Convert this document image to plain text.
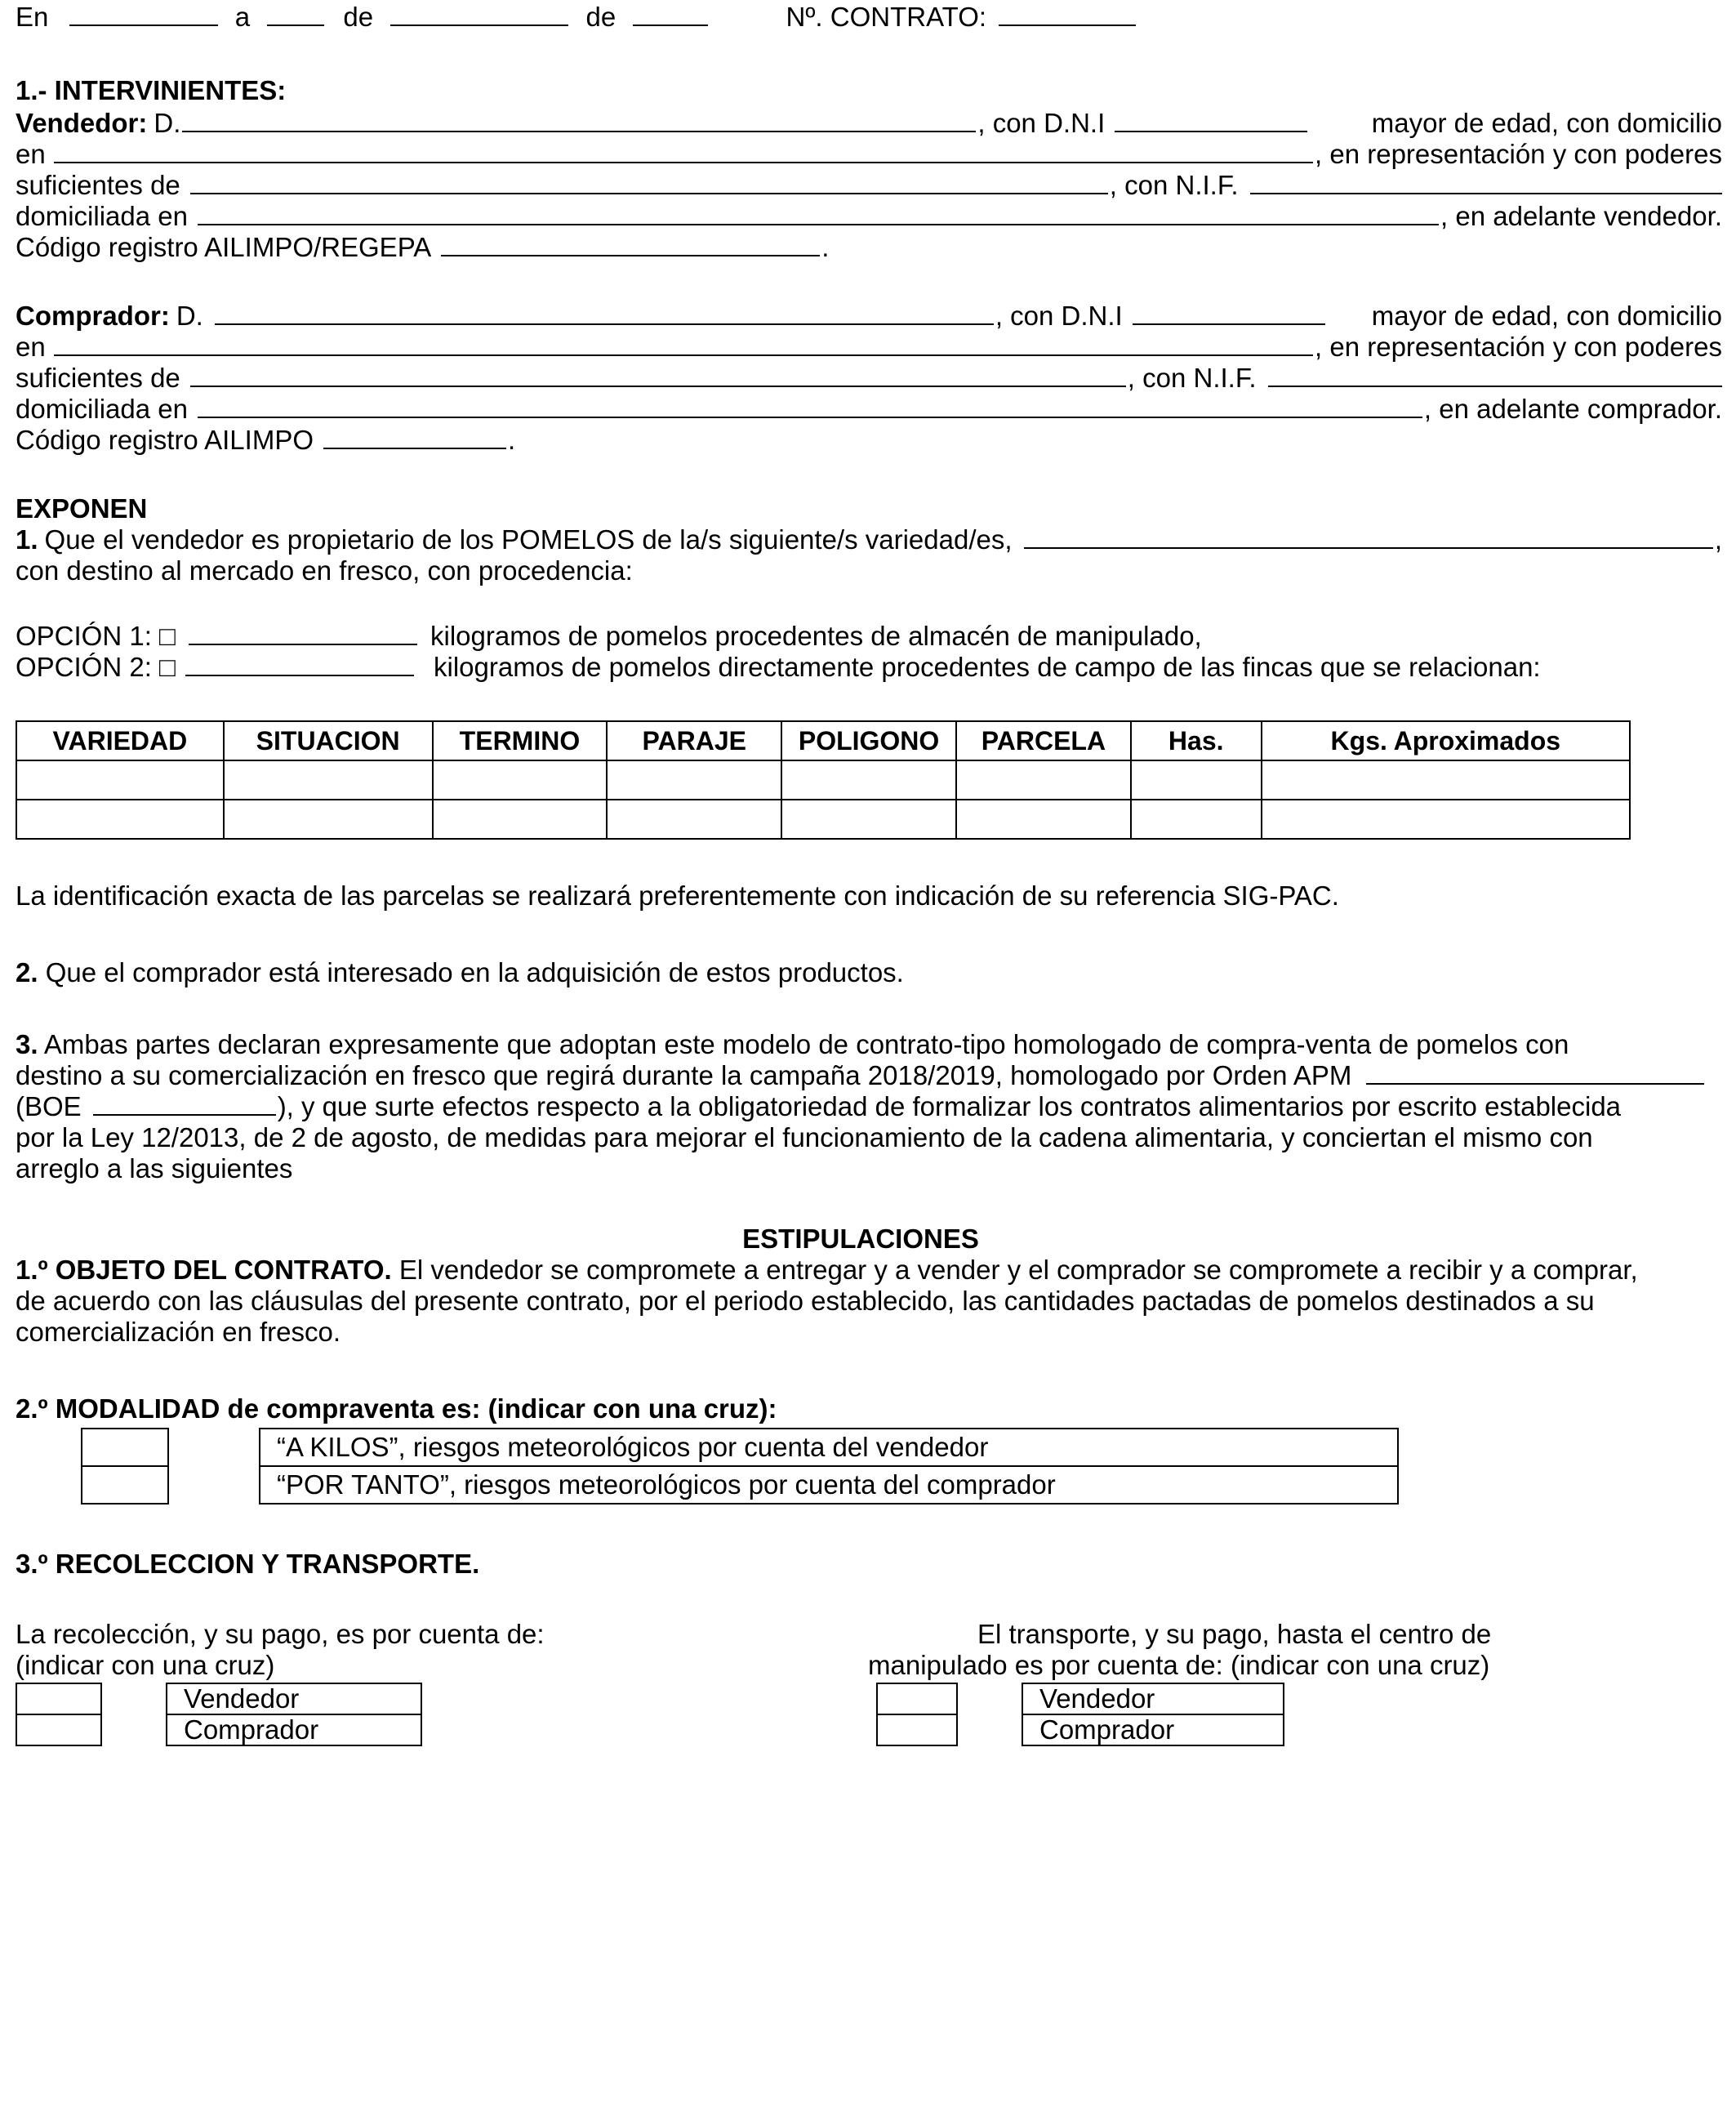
En	a	de	de	Nº. CONTRATO:
1.- INTERVINIENTES:
Vendedor: D.	, con D.N.I	mayor de edad, con domicilio
en	, en representación y con poderes
suficientes de	, con N.I.F.
domiciliada en	, en adelante vendedor.
Código registro AILIMPO/REGEPA	.
Comprador: D.	, con D.N.I	mayor de edad, con domicilio
en	, en representación y con poderes
suficientes de	, con N.I.F.
domiciliada en	, en adelante comprador.
Código registro AILIMPO	.
EXPONEN
1. Que el vendedor es propietario de los POMELOS de la/s siguiente/s variedad/es,	,
con destino al mercado en fresco, con procedencia:
OPCIÓN 1: □	kilogramos de pomelos procedentes de almacén de manipulado,
OPCIÓN 2: □	kilogramos de pomelos directamente procedentes de campo de las fincas que se relacionan:
VARIEDAD	SITUACION	TERMINO	PARAJE	POLIGONO	PARCELA	Has.	Kgs. Aproximados

La identificación exacta de las parcelas se realizará preferentemente con indicación de su referencia SIG-PAC.
2. Que el comprador está interesado en la adquisición de estos productos.
3. Ambas partes declaran expresamente que adoptan este modelo de contrato-tipo homologado de compra-venta de pomelos con
destino a su comercialización en fresco que regirá durante la campaña 2018/2019, homologado por Orden APM
(BOE	), y que surte efectos respecto a la obligatoriedad de formalizar los contratos alimentarios por escrito establecida
por la Ley 12/2013, de 2 de agosto, de medidas para mejorar el funcionamiento de la cadena alimentaria, y conciertan el mismo con
arreglo a las siguientes
ESTIPULACIONES
1.º OBJETO DEL CONTRATO. El vendedor se compromete a entregar y a vender y el comprador se compromete a recibir y a comprar,
de acuerdo con las cláusulas del presente contrato, por el periodo establecido, las cantidades pactadas de pomelos destinados a su
comercialización en fresco.
2.º MODALIDAD de compraventa es: (indicar con una cruz):
“A KILOS”, riesgos meteorológicos por cuenta del vendedor
“POR TANTO”, riesgos meteorológicos por cuenta del comprador
3.º RECOLECCION Y TRANSPORTE.
La recolección, y su pago, es por cuenta de:
(indicar con una cruz)
Vendedor
Comprador
El transporte, y su pago, hasta el centro de
manipulado es por cuenta de: (indicar con una cruz)
Vendedor
Comprador
